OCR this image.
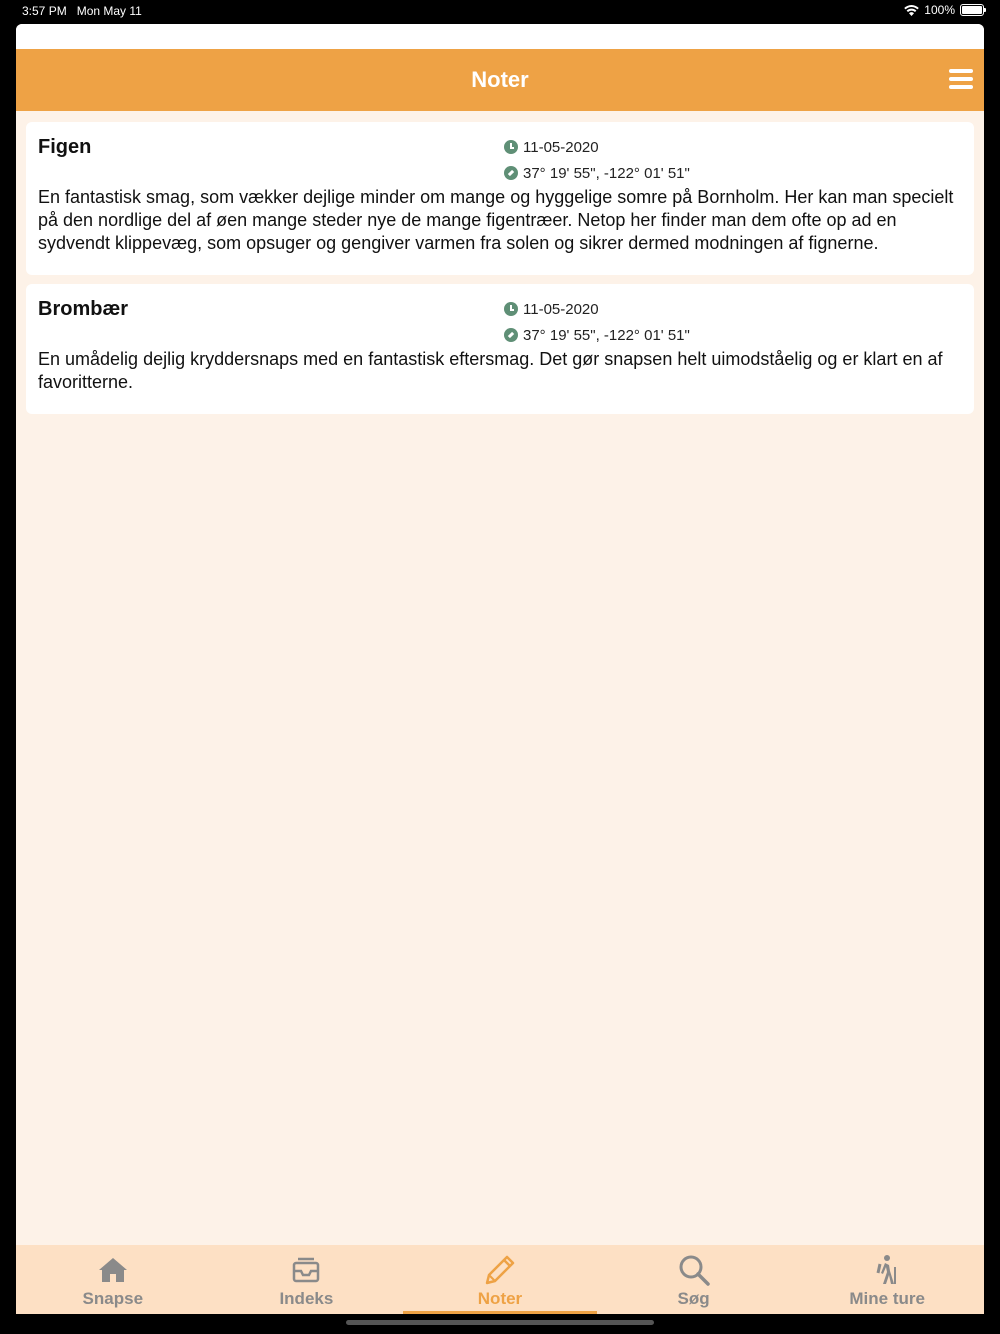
3:57 PM Mon May 11	100%
Noter
Figen	11-05-2020
37° 19' 55", -122° 01' 51"
En fantastisk smag, som vækker dejlige minder om mange og hyggelige somre på Bornholm. Her kan man specielt på den nordlige del af øen mange steder nye de mange figentræer. Netop her finder man dem ofte op ad en sydvendt klippevæg, som opsuger og gengiver varmen fra solen og sikrer dermed modningen af fignerne.
Brombær	11-05-2020
37° 19' 55", -122° 01' 51"
En umådelig dejlig kryddersnaps med en fantastisk eftersmag. Det gør snapsen helt uimodståelig og er klart en af favoritterne.
Snapse	Indeks	Noter	Søg	Mine ture
